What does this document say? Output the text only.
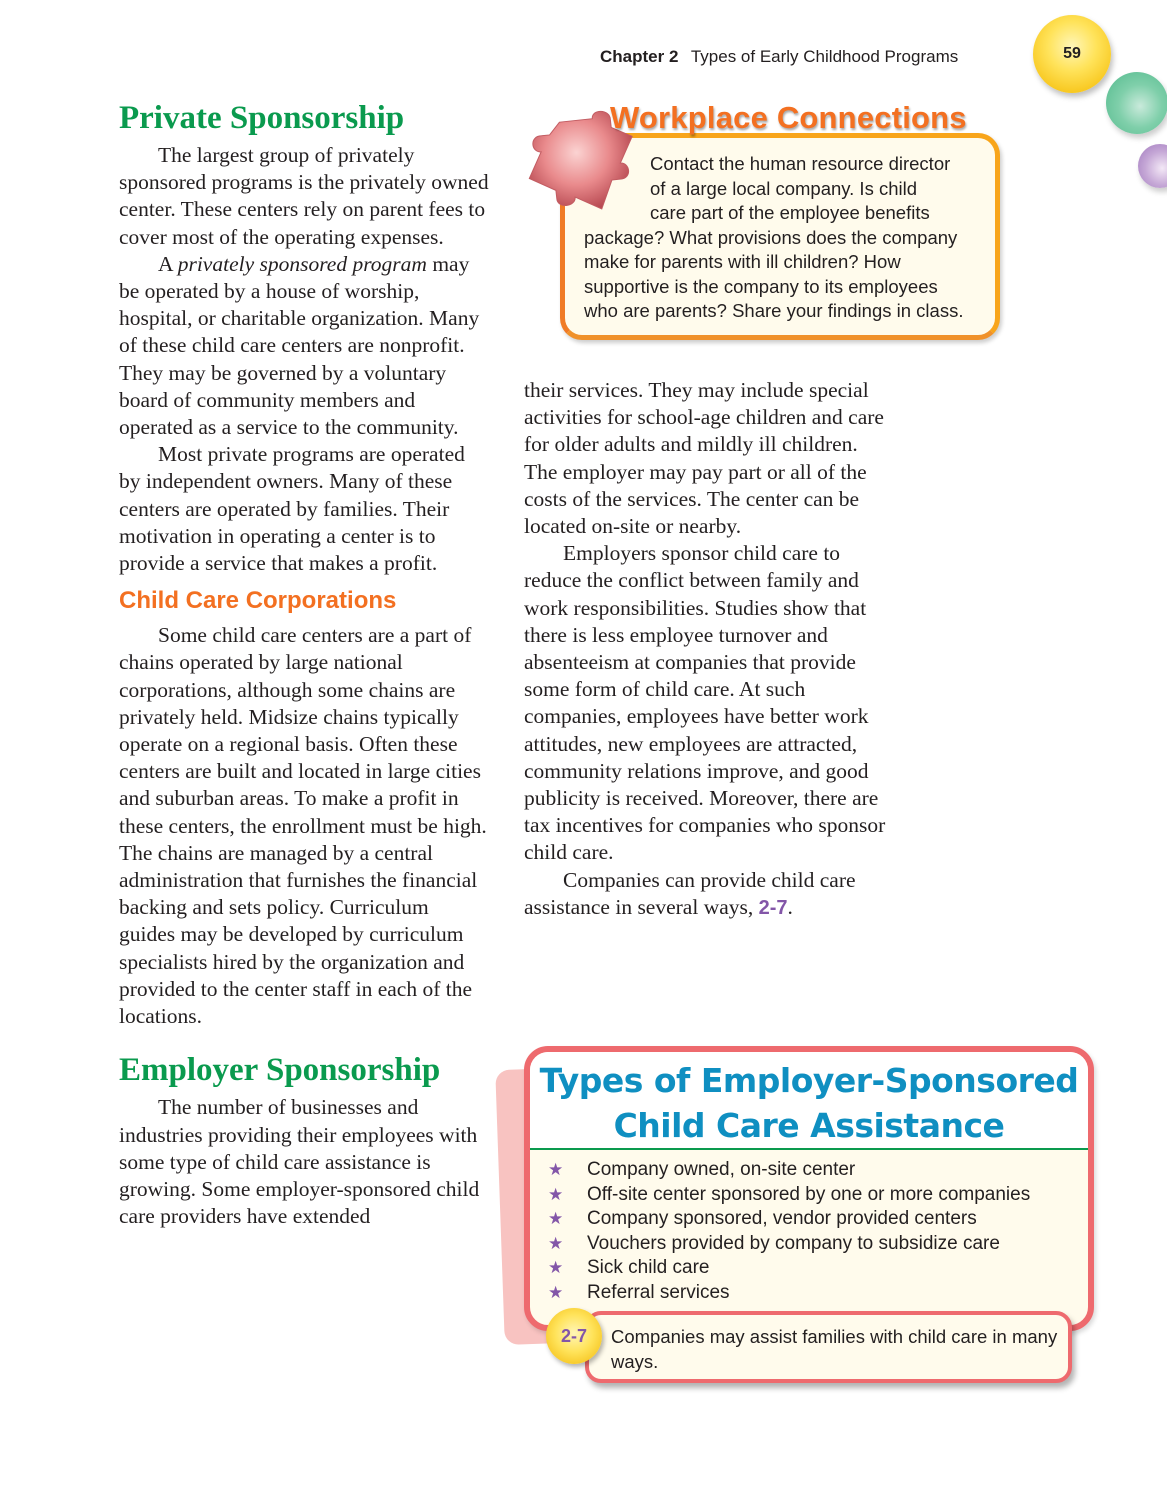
Chapter 2 Types of Early Childhood Programs	59
Private Sponsorship

The largest group of privately sponsored programs is the privately owned center. These centers rely on parent fees to cover most of the operating expenses.

A privately sponsored program may be operated by a house of worship, hospital, or charitable organization. Many of these child care centers are nonprofit. They may be governed by a voluntary board of community members and operated as a service to the community.

Most private programs are operated by independent owners. Many of these centers are operated by families. Their motivation in operating a center is to provide a service that makes a profit.

Child Care Corporations

Some child care centers are a part of chains operated by large national corporations, although some chains are privately held. Midsize chains typically operate on a regional basis. Often these centers are built and located in large cities and suburban areas. To make a profit in these centers, the enrollment must be high. The chains are managed by a central administration that furnishes the financial backing and sets policy. Curriculum guides may be developed by curriculum specialists hired by the organization and provided to the center staff in each of the locations.

Employer Sponsorship

The number of businesses and industries providing their employees with some type of child care assistance is growing. Some employer-sponsored child care providers have extended

Workplace Connections
Contact the human resource director
of a large local company. Is child
care part of the employee benefits
package? What provisions does the company
make for parents with ill children? How
supportive is the company to its employees
who are parents? Share your findings in class.

their services. They may include special activities for school-age children and care for older adults and mildly ill children. The employer may pay part or all of the costs of the services. The center can be located on-site or nearby.

Employers sponsor child care to reduce the conflict between family and work responsibilities. Studies show that there is less employee turnover and absenteeism at companies that provide some form of child care. At such companies, employees have better work attitudes, new employees are attracted, community relations improve, and good publicity is received. Moreover, there are tax incentives for companies who sponsor child care.

Companies can provide child care assistance in several ways, 2-7.

Types of Employer-Sponsored
Child Care Assistance
★	Company owned, on-site center
★	Off-site center sponsored by one or more companies
★	Company sponsored, vendor provided centers
★	Vouchers provided by company to subsidize care
★	Sick child care
★	Referral services
2-7 Companies may assist families with child care in many ways.
